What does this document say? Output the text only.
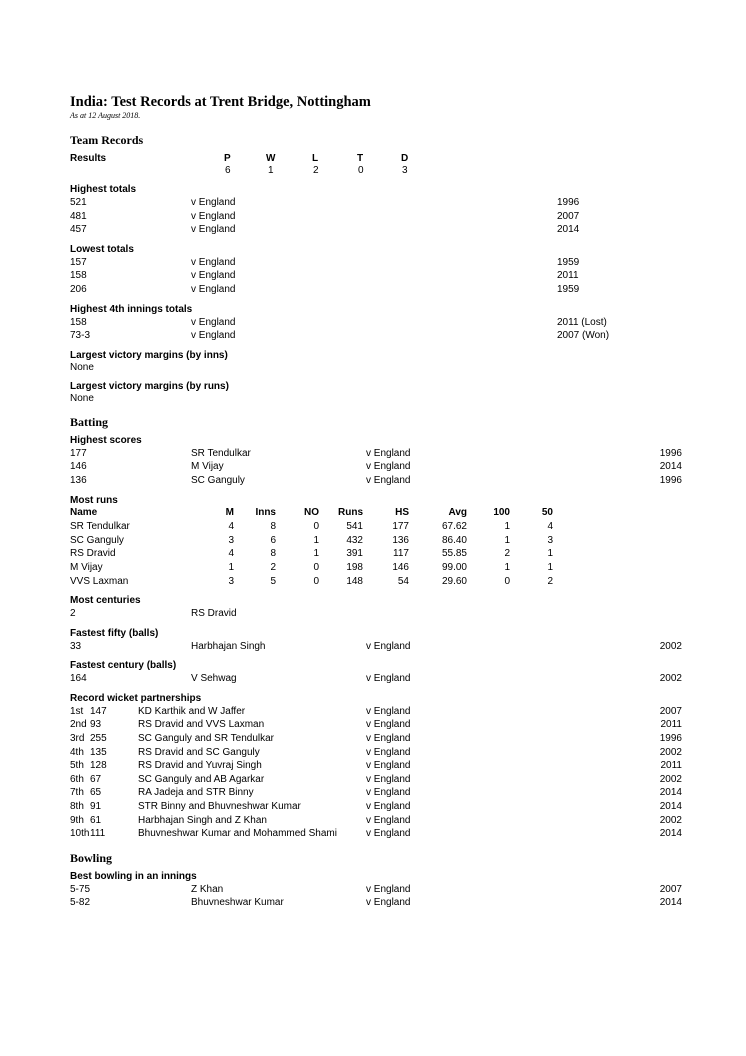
India: Test Records at Trent Bridge, Nottingham
As at 12 August 2018.
Team Records
Results	P	W	L	T	D
6	1	2	0	3
Highest totals
521	v England	1996
481	v England	2007
457	v England	2014
Lowest totals
157	v England	1959
158	v England	2011
206	v England	1959
Highest 4th innings totals
158	v England	2011 (Lost)
73-3	v England	2007 (Won)
Largest victory margins (by inns)
None
Largest victory margins (by runs)
None
Batting
Highest scores
177	SR Tendulkar	v England	1996
146	M Vijay	v England	2014
136	SC Ganguly	v England	1996
Most runs
Name	M	Inns	NO	Runs	HS	Avg	100	50
SR Tendulkar	4	8	0	541	177	67.62	1	4
SC Ganguly	3	6	1	432	136	86.40	1	3
RS Dravid	4	8	1	391	117	55.85	2	1
M Vijay	1	2	0	198	146	99.00	1	1
VVS Laxman	3	5	0	148	54	29.60	0	2
Most centuries
2	RS Dravid
Fastest fifty (balls)
33	Harbhajan Singh	v England	2002
Fastest century (balls)
164	V Sehwag	v England	2002
Record wicket partnerships
1st 147	KD Karthik and W Jaffer	v England	2007
2nd 93	RS Dravid and VVS Laxman	v England	2011
3rd 255	SC Ganguly and SR Tendulkar	v England	1996
4th 135	RS Dravid and SC Ganguly	v England	2002
5th 128	RS Dravid and Yuvraj Singh	v England	2011
6th 67	SC Ganguly and AB Agarkar	v England	2002
7th 65	RA Jadeja and STR Binny	v England	2014
8th 91	STR Binny and Bhuvneshwar Kumar	v England	2014
9th 61	Harbhajan Singh and Z Khan	v England	2002
10th 111	Bhuvneshwar Kumar and Mohammed Shami	v England	2014
Bowling
Best bowling in an innings
5-75	Z Khan	v England	2007
5-82	Bhuvneshwar Kumar	v England	2014
